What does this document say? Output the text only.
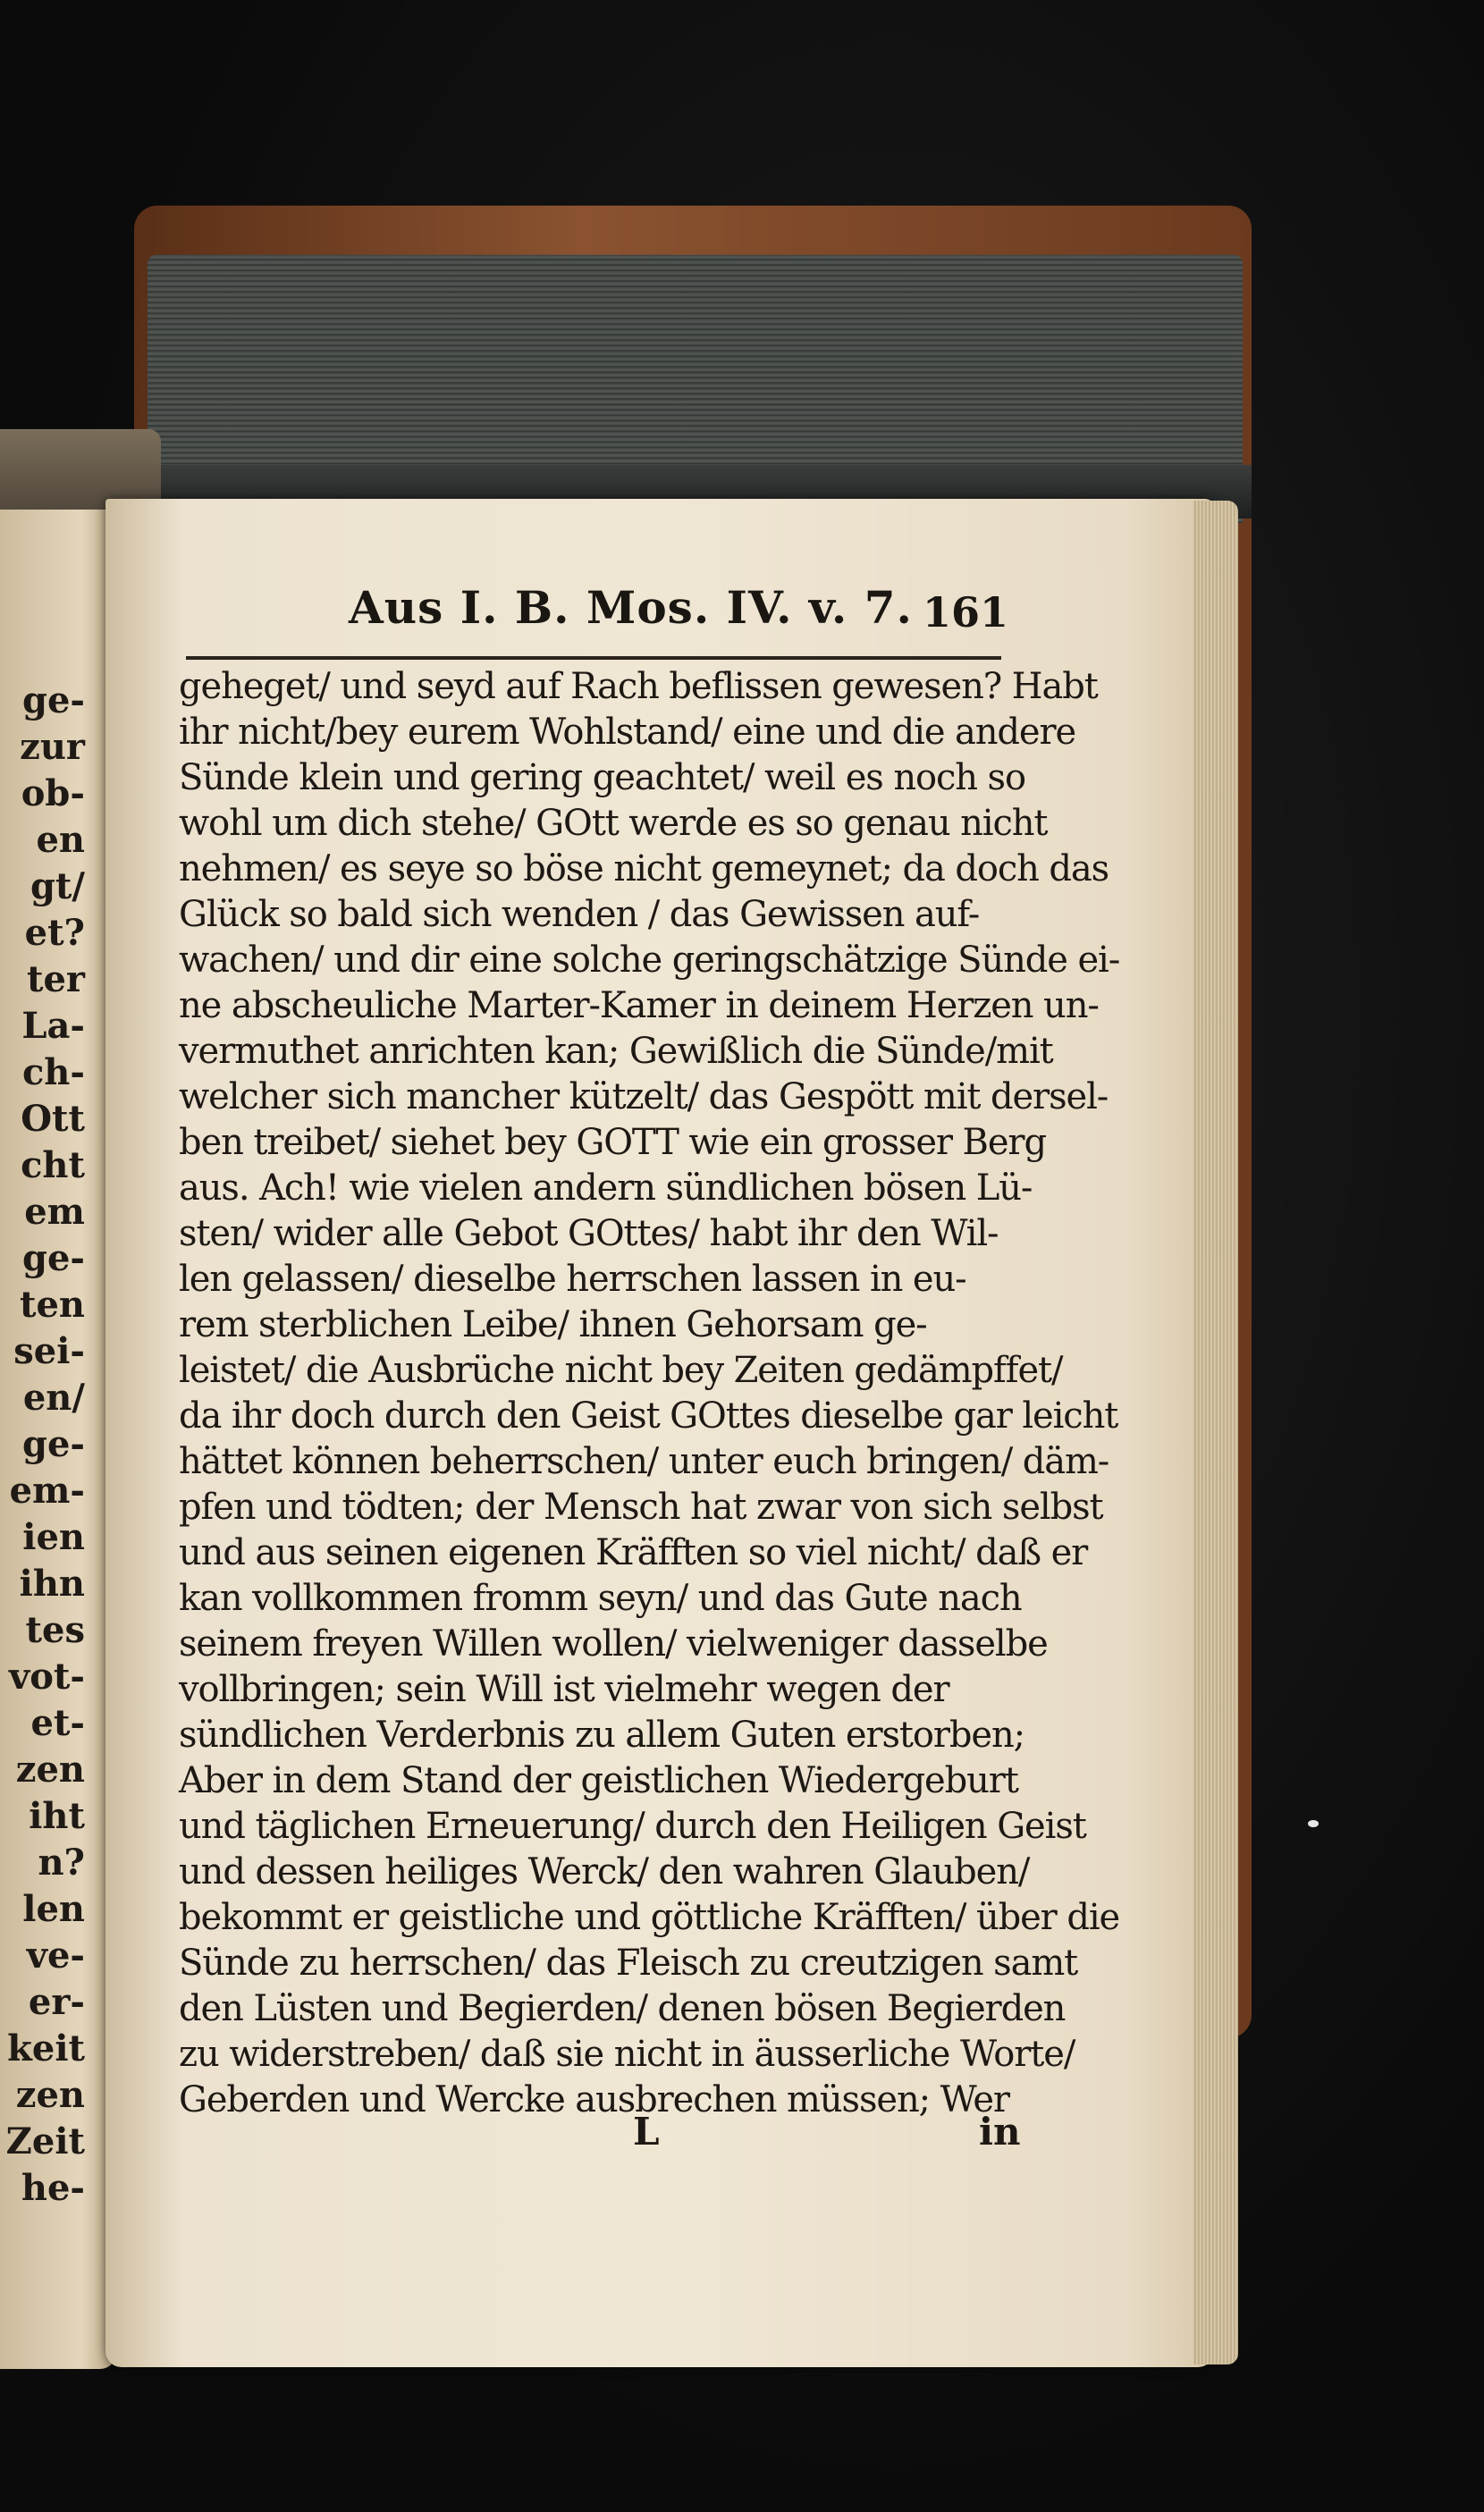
ge-
zur
ob-
en
gt/
et?
ter
La-
ch-
Ott
cht
em
ge-
ten
sei-
en/
ge-
em-
ien
ihn
tes
vot-
et-
zen
iht
n?
len
ve-
er-
keit
zen
Zeit
he-
Aus I. B. Mos. IV. v. 7. 161
geheget/ und seyd auf Rach beflissen gewesen? Habt
ihr nicht/bey eurem Wohlstand/ eine und die andere
Sünde klein und gering geachtet/ weil es noch so
wohl um dich stehe/ GOtt werde es so genau nicht
nehmen/ es seye so böse nicht gemeynet; da doch das
Glück so bald sich wenden / das Gewissen auf-
wachen/ und dir eine solche geringschätzige Sünde ei-
ne abscheuliche Marter-Kamer in deinem Herzen un-
vermuthet anrichten kan; Gewißlich die Sünde/mit
welcher sich mancher kützelt/ das Gespött mit dersel-
ben treibet/ siehet bey GOTT wie ein grosser Berg
aus. Ach! wie vielen andern sündlichen bösen Lü-
sten/ wider alle Gebot GOttes/ habt ihr den Wil-
len gelassen/ dieselbe herrschen lassen in eu-
rem sterblichen Leibe/ ihnen Gehorsam ge-
leistet/ die Ausbrüche nicht bey Zeiten gedämpffet/
da ihr doch durch den Geist GOttes dieselbe gar leicht
hättet können beherrschen/ unter euch bringen/ däm-
pfen und tödten; der Mensch hat zwar von sich selbst
und aus seinen eigenen Kräfften so viel nicht/ daß er
kan vollkommen fromm seyn/ und das Gute nach
seinem freyen Willen wollen/ vielweniger dasselbe
vollbringen; sein Will ist vielmehr wegen der
sündlichen Verderbnis zu allem Guten erstorben;
Aber in dem Stand der geistlichen Wiedergeburt
und täglichen Erneuerung/ durch den Heiligen Geist
und dessen heiliges Werck/ den wahren Glauben/
bekommt er geistliche und göttliche Kräfften/ über die
Sünde zu herrschen/ das Fleisch zu creutzigen samt
den Lüsten und Begierden/ denen bösen Begierden
zu widerstreben/ daß sie nicht in äusserliche Worte/
Geberden und Wercke ausbrechen müssen; Wer
L	in
